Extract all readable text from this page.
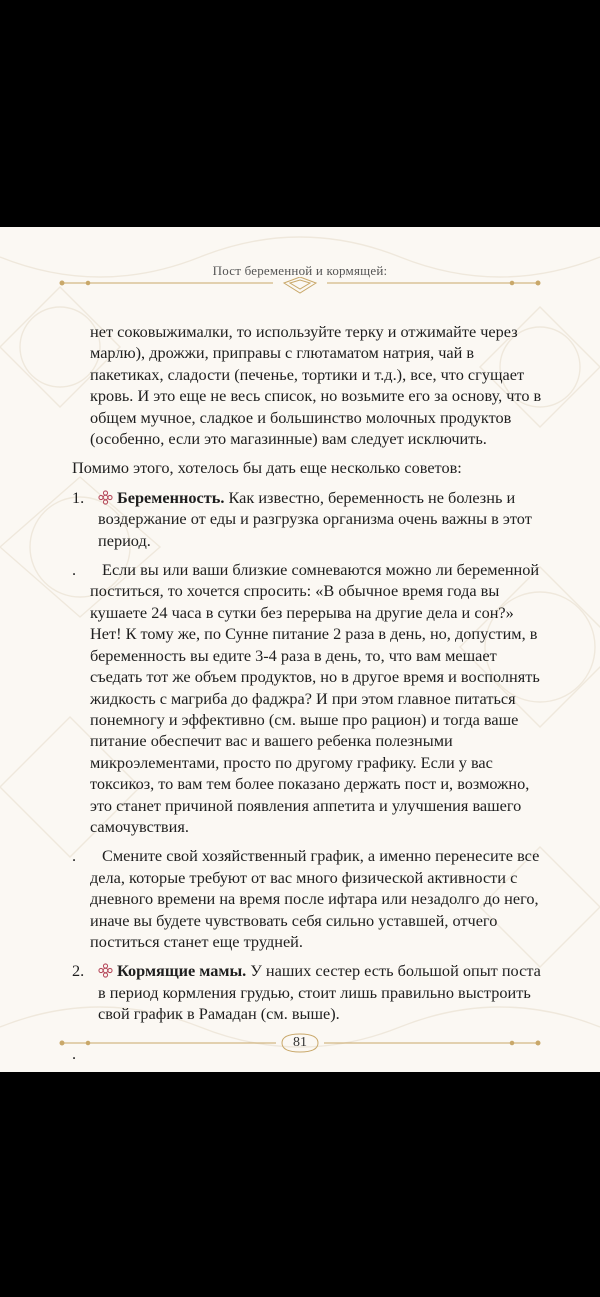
Пост беременной и кормящей:

нет соковыжималки, то используйте терку и отжимайте через марлю), дрожжи, приправы с глютаматом натрия, чай в пакетиках, сладости (печенье, тортики и т.д.), все, что сгущает кровь. И это еще не весь список, но возьмите его за основу, что в общем мучное, сладкое и большинство молочных продуктов (особенно, если это магазинные) вам следует исключить.

Помимо этого, хотелось бы дать еще несколько советов:

1.	Беременность. Как известно, беременность не болезнь и воздержание от еды и разгрузка организма очень важны в этот период.
.	Если вы или ваши близкие сомневаются можно ли беременной поститься, то хочется спросить: «В обычное время года вы кушаете 24 часа в сутки без перерыва на другие дела и сон?» Нет! К тому же, по Сунне питание 2 раза в день, но, допустим, в беременность вы едите 3-4 раза в день, то, что вам мешает съедать тот же объем продуктов, но в другое время и восполнять жидкость с магриба до фаджра? И при этом главное питаться понемногу и эффективно (см. выше про рацион) и тогда ваше питание обеспечит вас и вашего ребенка полезными микроэлементами, просто по другому графику. Если у вас токсикоз, то вам тем более показано держать пост и, возможно, это станет причиной появления аппетита и улучшения вашего самочувствия.
.	Смените свой хозяйственный график, а именно перенесите все дела, которые требуют от вас много физической активности с дневного времени на время после ифтара или незадолго до него, иначе вы будете чувствовать себя сильно уставшей, отчего поститься станет еще трудней.
2.	Кормящие мамы. У наших сестер есть большой опыт поста в период кормления грудью, стоит лишь правильно выстроить свой график в Рамадан (см. выше).
.
81
